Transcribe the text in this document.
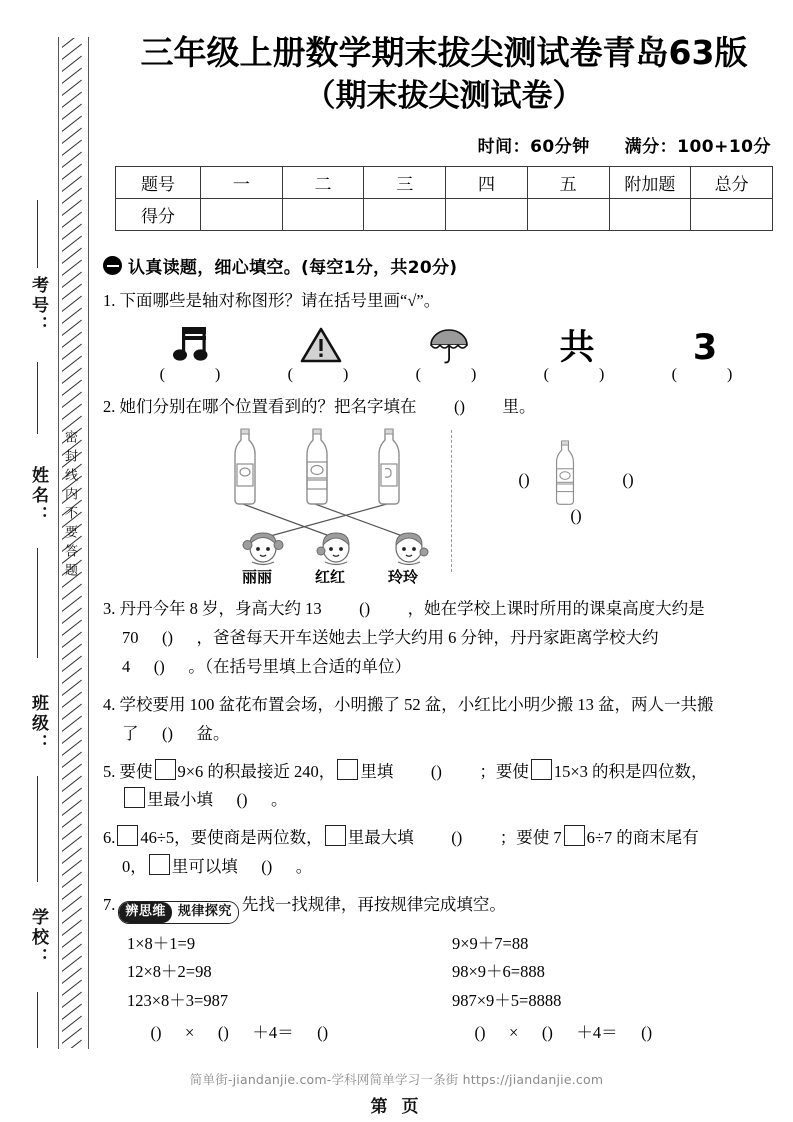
密封线内不要答题
考号：
姓名：
班级：
学校：
三年级上册数学期末拔尖测试卷青岛63版
（期末拔尖测试卷）
时间：60分钟 满分：100+10分
题号	一	二	三	四	五	附加题	总分
得分							
认真读题，细心填空。(每空1分，共20分)
1. 下面哪些是轴对称图形？请在括号里画“√”。
(  )	(  )	(  )
共
(  )
3
(  )
2. 她们分别在哪个位置看到的？把名字填在 ( )	里。
丽丽	红红	玲玲
( )
( )
( )
3. 丹丹今年 8 岁，身高大约 13 ( )	，她在学校上课时所用的课桌高度大约是
70 ( )	，爸爸每天开车送她去上学大约用 6 分钟，丹丹家距离学校大约
4 ( )	。（在括号里填上合适的单位）
4. 学校要用 100 盆花布置会场，小明搬了 52 盆，小红比小明少搬 13 盆，两人一共搬
了 ( )	盆。
5. 要使 9×6 的积最接近 240， 里填 ( )	；要使 15×3 的积是四位数，
里最小填 ( )	。
6. 46÷5，要使商是两位数， 里最大填 ( )	；要使 7 6÷7 的商末尾有
0， 里可以填 ( )	。
7. 辨思维 规律探究 先找一找规律，再按规律完成填空。
1×8＋1=9	9×9＋7=88
12×8＋2=98	98×9＋6=888
123×8＋3=987	987×9＋5=8888
( )× ( )	＋4＝ ( ) ( )	× ( )	＋4＝( )
简单街-jiandanjie.com-学科网简单学习一条街 https://jiandanjie.com
第 页
